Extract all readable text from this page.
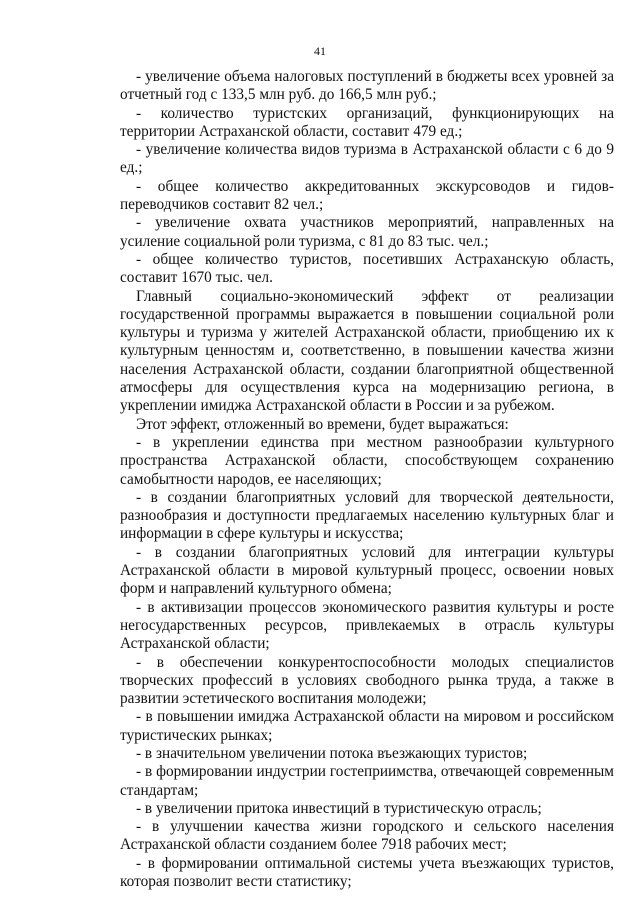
41

- увеличение объема налоговых поступлений в бюджеты всех уровней за отчетный год с 133,5 млн руб. до 166,5 млн руб.;

- количество туристских организаций, функционирующих на территории Астраханской области, составит 479 ед.;

- увеличение количества видов туризма в Астраханской области с 6 до 9 ед.;

- общее количество аккредитованных экскурсоводов и гидов-переводчиков составит 82 чел.;

- увеличение охвата участников мероприятий, направленных на усиление социальной роли туризма, с 81 до 83 тыс. чел.;

- общее количество туристов, посетивших Астраханскую область, составит 1670 тыс. чел.

Главный социально-экономический эффект от реализации государственной программы выражается в повышении социальной роли культуры и туризма у жителей Астраханской области, приобщению их к культурным ценностям и, соответственно, в повышении качества жизни населения Астраханской области, создании благоприятной общественной атмосферы для осуществления курса на модернизацию региона, в укреплении имиджа Астраханской области в России и за рубежом.

Этот эффект, отложенный во времени, будет выражаться:

- в укреплении единства при местном разнообразии культурного пространства Астраханской области, способствующем сохранению самобытности народов, ее населяющих;

- в создании благоприятных условий для творческой деятельности, разнообразия и доступности предлагаемых населению культурных благ и информации в сфере культуры и искусства;

- в создании благоприятных условий для интеграции культуры Астраханской области в мировой культурный процесс, освоении новых форм и направлений культурного обмена;

- в активизации процессов экономического развития культуры и росте негосударственных ресурсов, привлекаемых в отрасль культуры Астраханской области;

- в обеспечении конкурентоспособности молодых специалистов творческих профессий в условиях свободного рынка труда, а также в развитии эстетического воспитания молодежи;

- в повышении имиджа Астраханской области на мировом и российском туристических рынках;

- в значительном увеличении потока въезжающих туристов;

- в формировании индустрии гостеприимства, отвечающей современным стандартам;

- в увеличении притока инвестиций в туристическую отрасль;

- в улучшении качества жизни городского и сельского населения Астраханской области созданием более 7918 рабочих мест;

- в формировании оптимальной системы учета въезжающих туристов, которая позволит вести статистику;
